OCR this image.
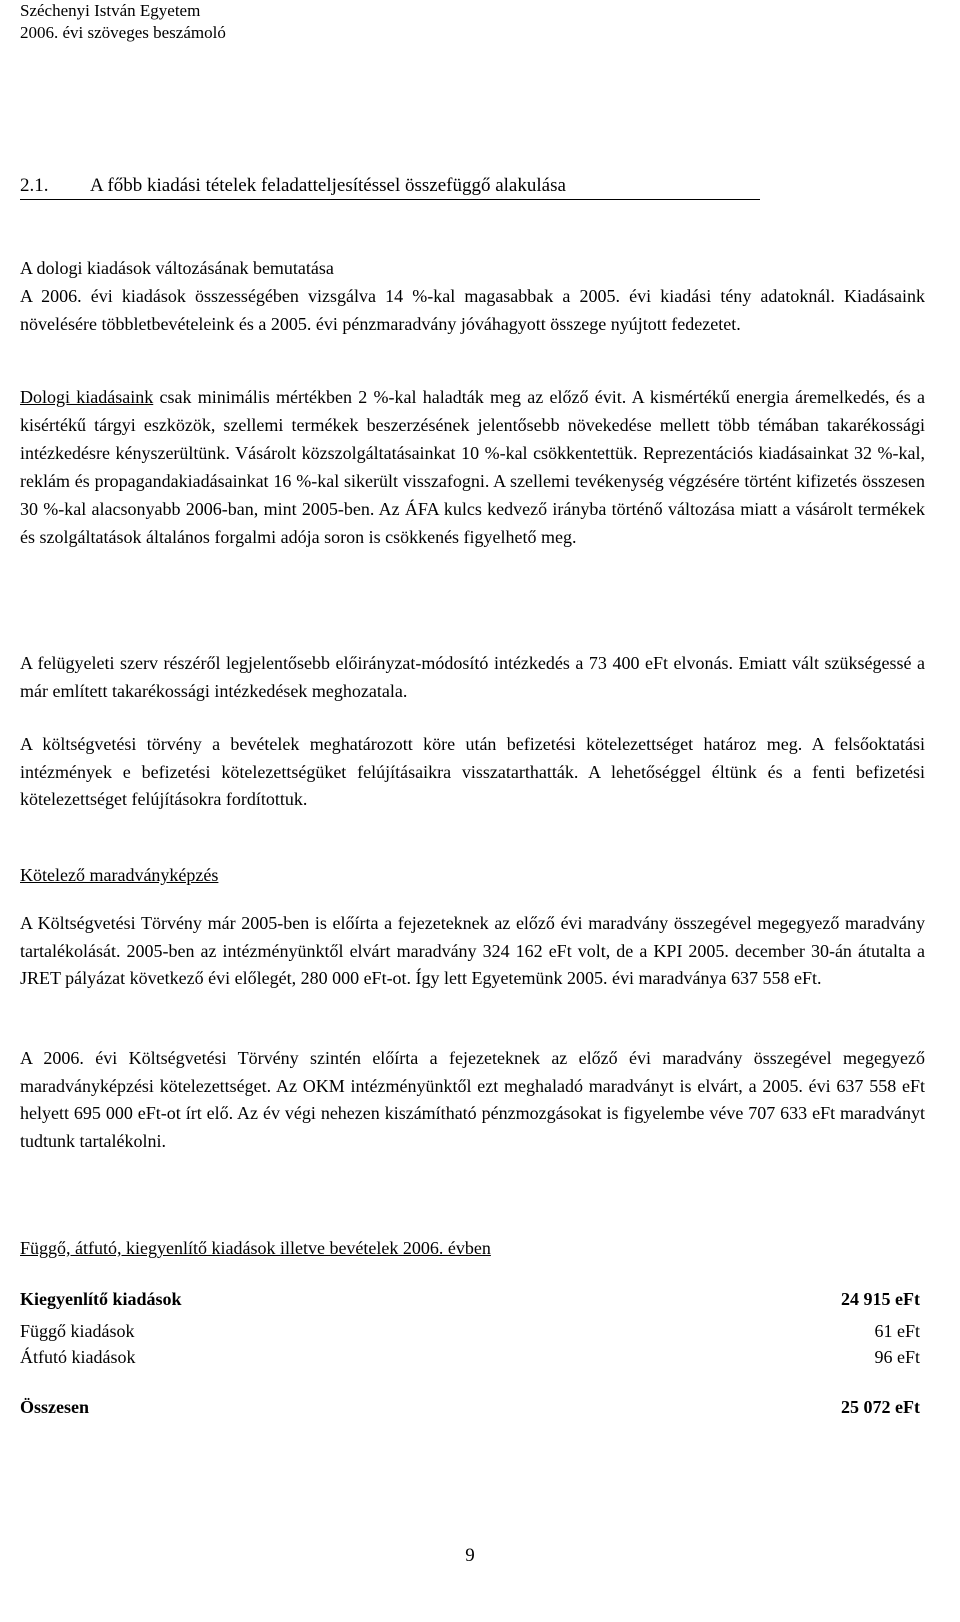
Széchenyi István Egyetem
2006. évi szöveges beszámoló
2.1. A főbb kiadási tételek feladatteljesítéssel összefüggő alakulása
A dologi kiadások változásának bemutatása

A 2006. évi kiadások összességében vizsgálva 14 %-kal magasabbak a 2005. évi kiadási tény adatoknál. Kiadásaink növelésére többletbevételeink és a 2005. évi pénzmaradvány jóváhagyott összege nyújtott fedezetet.

Dologi kiadásaink csak minimális mértékben 2 %-kal haladták meg az előző évit. A kismértékű energia áremelkedés, és a kisértékű tárgyi eszközök, szellemi termékek beszerzésének jelentősebb növekedése mellett több témában takarékossági intézkedésre kényszerültünk. Vásárolt közszolgáltatásainkat 10 %-kal csökkentettük. Reprezentációs kiadásainkat 32 %-kal, reklám és propagandakiadásainkat 16 %-kal sikerült visszafogni. A szellemi tevékenység végzésére történt kifizetés összesen 30 %-kal alacsonyabb 2006-ban, mint 2005-ben. Az ÁFA kulcs kedvező irányba történő változása miatt a vásárolt termékek és szolgáltatások általános forgalmi adója soron is csökkenés figyelhető meg.

A felügyeleti szerv részéről legjelentősebb előirányzat-módosító intézkedés a 73 400 eFt elvonás. Emiatt vált szükségessé a már említett takarékossági intézkedések meghozatala.

A költségvetési törvény a bevételek meghatározott köre után befizetési kötelezettséget határoz meg. A felsőoktatási intézmények e befizetési kötelezettségüket felújításaikra visszatarthatták. A lehetőséggel éltünk és a fenti befizetési kötelezettséget felújításokra fordítottuk.

Kötelező maradványképzés

A Költségvetési Törvény már 2005-ben is előírta a fejezeteknek az előző évi maradvány összegével megegyező maradvány tartalékolását. 2005-ben az intézményünktől elvárt maradvány 324 162 eFt volt, de a KPI 2005. december 30-án átutalta a JRET pályázat következő évi előlegét, 280 000 eFt-ot. Így lett Egyetemünk 2005. évi maradványa 637 558 eFt.

A 2006. évi Költségvetési Törvény szintén előírta a fejezeteknek az előző évi maradvány összegével megegyező maradványképzési kötelezettséget. Az OKM intézményünktől ezt meghaladó maradványt is elvárt, a 2005. évi 637 558 eFt helyett 695 000 eFt-ot írt elő. Az év végi nehezen kiszámítható pénzmozgásokat is figyelembe véve 707 633 eFt maradványt tudtunk tartalékolni.

Függő, átfutó, kiegyenlítő kiadások illetve bevételek 2006. évben
Kiegyenlítő kiadások	24 915 eFt
Függő kiadások	61 eFt
Átfutó kiadások	96 eFt
Összesen	25 072 eFt
9
